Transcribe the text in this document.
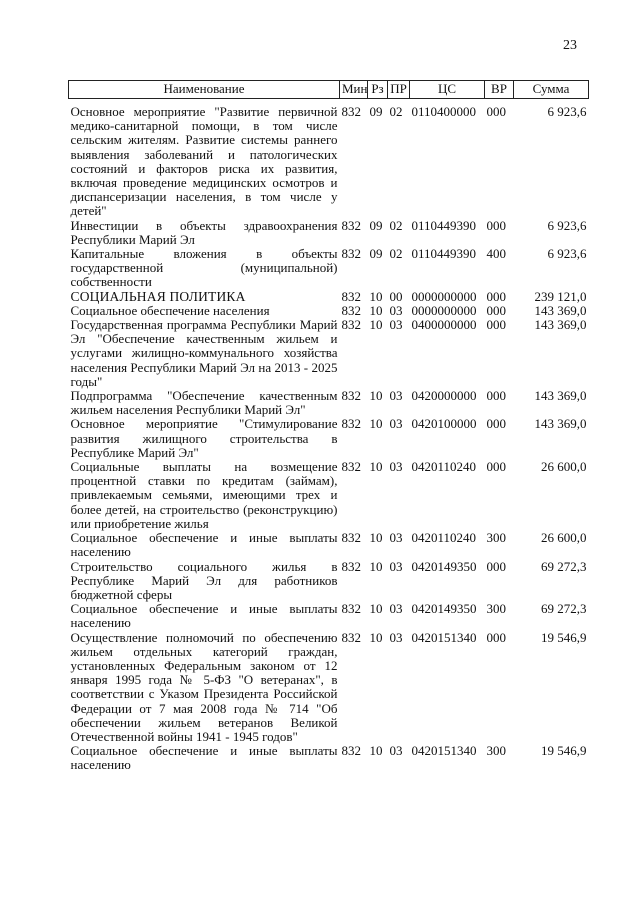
23
Наименование	Мин	Рз	ПР	ЦС	ВР	Сумма

Основное мероприятие "Развитие первичной медико-санитарной помощи, в том числе сельским жителям. Развитие системы раннего выявления заболеваний и патологических состояний и факторов риска их развития, включая проведение медицинских осмотров и диспансеризации населения, в том числе у детей"	832	09	02	0110400000	000	6 923,6
Инвестиции в объекты здравоохранения Республики Марий Эл	832	09	02	0110449390	000	6 923,6
Капитальные вложения в объекты государственной (муниципальной) собственности	832	09	02	0110449390	400	6 923,6
СОЦИАЛЬНАЯ ПОЛИТИКА	832	10	00	0000000000	000	239 121,0
Социальное обеспечение населения	832	10	03	0000000000	000	143 369,0
Государственная программа Республики Марий Эл "Обеспечение качественным жильем и услугами жилищно-коммунального хозяйства населения Республики Марий Эл на 2013 - 2025 годы"	832	10	03	0400000000	000	143 369,0
Подпрограмма "Обеспечение качественным жильем населения Республики Марий Эл"	832	10	03	0420000000	000	143 369,0
Основное мероприятие "Стимулирование развития жилищного строительства в Республике Марий Эл"	832	10	03	0420100000	000	143 369,0
Социальные выплаты на возмещение процентной ставки по кредитам (займам), привлекаемым семьями, имеющими трех и более детей, на строительство (реконструкцию) или приобретение жилья	832	10	03	0420110240	000	26 600,0
Социальное обеспечение и иные выплаты населению	832	10	03	0420110240	300	26 600,0
Строительство социального жилья в Республике Марий Эл для работников бюджетной сферы	832	10	03	0420149350	000	69 272,3
Социальное обеспечение и иные выплаты населению	832	10	03	0420149350	300	69 272,3
Осуществление полномочий по обеспечению жильем отдельных категорий граждан, установленных Федеральным законом от 12 января 1995 года № 5-ФЗ "О ветеранах", в соответствии с Указом Президента Российской Федерации от 7 мая 2008 года № 714 "Об обеспечении жильем ветеранов Великой Отечественной войны 1941 - 1945 годов"	832	10	03	0420151340	000	19 546,9
Социальное обеспечение и иные выплаты населению	832	10	03	0420151340	300	19 546,9
